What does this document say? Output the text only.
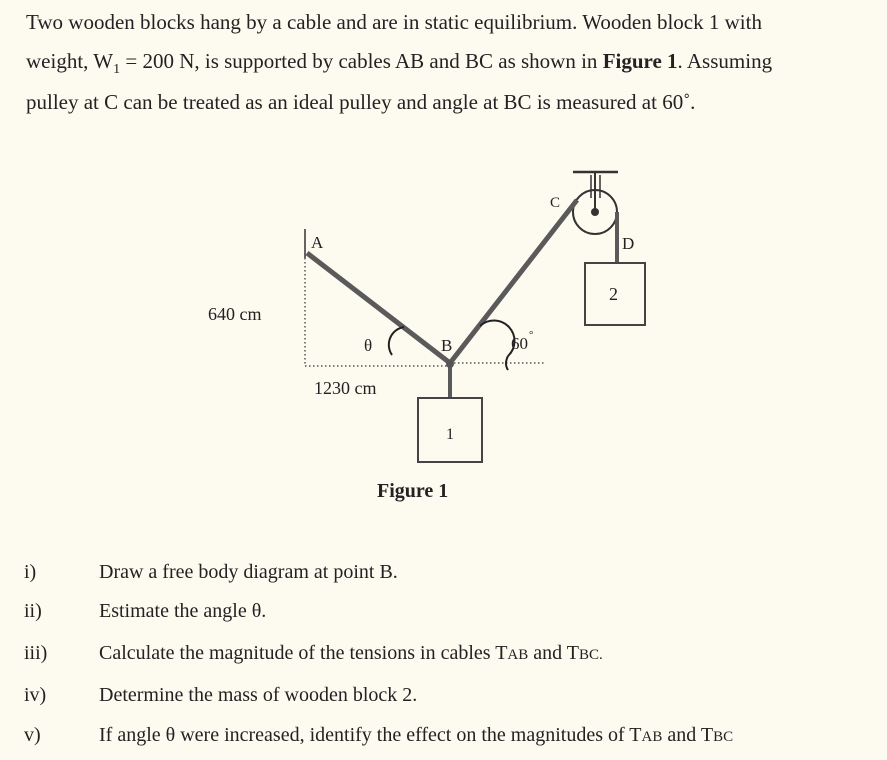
Two wooden blocks hang by a cable and are in static equilibrium. Wooden block 1 with
weight, $W_1 = 200$ N, is supported by cables AB and BC as shown in Figure 1. Assuming
pulley at C can be treated as an ideal pulley and angle at BC is measured at 60˚.
A
C
D
B
1
2
640 cm
1230 cm
θ	60 °
Figure 1
i)	Draw a free body diagram at point B.
ii)	Estimate the angle θ.
iii)	Calculate the magnitude of the tensions in cables TAB and TBC.
iv)	Determine the mass of wooden block 2.
v)	If angle θ were increased, identify the effect on the magnitudes of TAB and TBC
